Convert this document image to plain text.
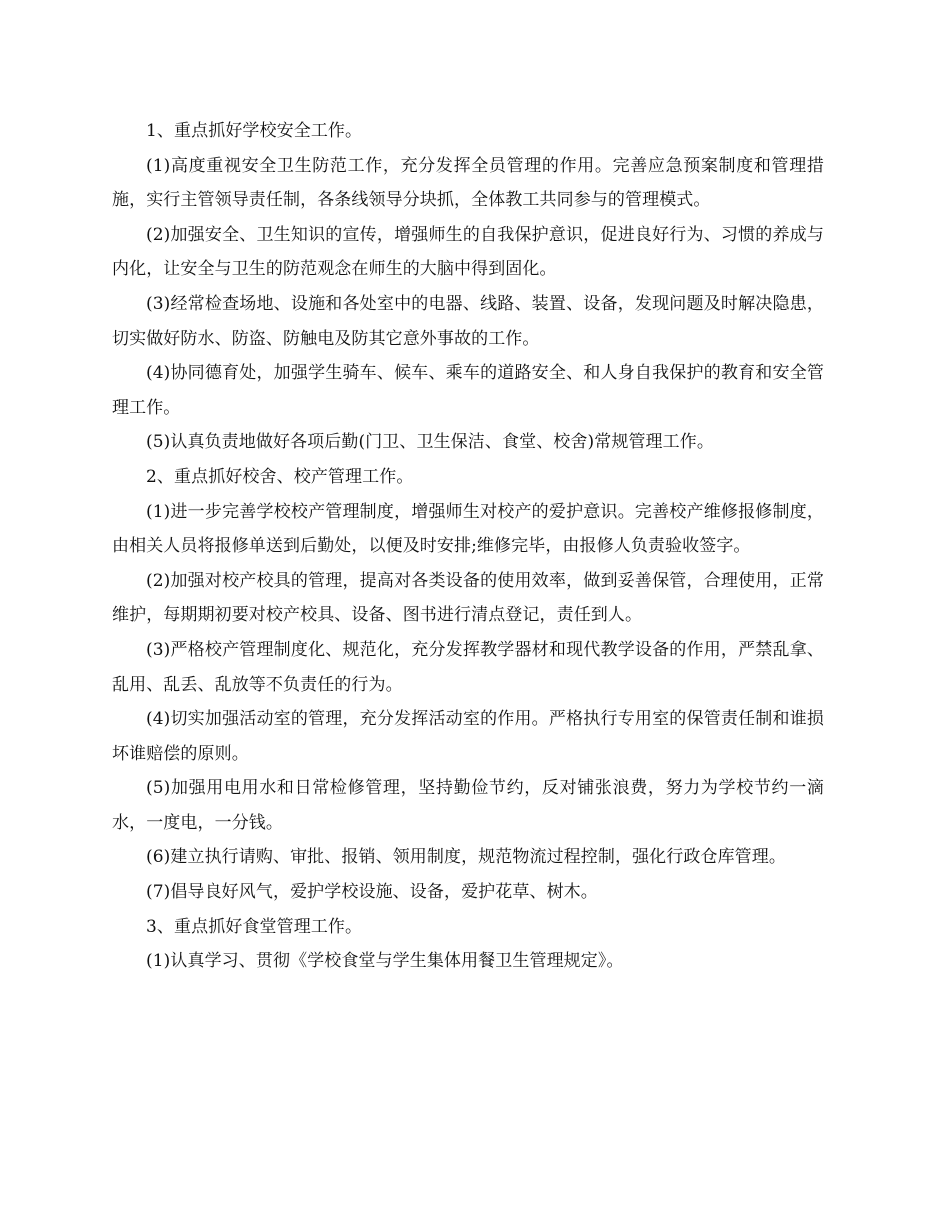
1、重点抓好学校安全工作。

(1)高度重视安全卫生防范工作，充分发挥全员管理的作用。完善应急预案制度和管理措施，实行主管领导责任制，各条线领导分块抓，全体教工共同参与的管理模式。

(2)加强安全、卫生知识的宣传，增强师生的自我保护意识，促进良好行为、习惯的养成与内化，让安全与卫生的防范观念在师生的大脑中得到固化。

(3)经常检查场地、设施和各处室中的电器、线路、装置、设备，发现问题及时解决隐患，切实做好防水、防盗、防触电及防其它意外事故的工作。

(4)协同德育处，加强学生骑车、候车、乘车的道路安全、和人身自我保护的教育和安全管理工作。

(5)认真负责地做好各项后勤(门卫、卫生保洁、食堂、校舍)常规管理工作。

2、重点抓好校舍、校产管理工作。

(1)进一步完善学校校产管理制度，增强师生对校产的爱护意识。完善校产维修报修制度，由相关人员将报修单送到后勤处，以便及时安排;维修完毕，由报修人负责验收签字。

(2)加强对校产校具的管理，提高对各类设备的使用效率，做到妥善保管，合理使用，正常维护，每期期初要对校产校具、设备、图书进行清点登记，责任到人。

(3)严格校产管理制度化、规范化，充分发挥教学器材和现代教学设备的作用，严禁乱拿、乱用、乱丢、乱放等不负责任的行为。

(4)切实加强活动室的管理，充分发挥活动室的作用。严格执行专用室的保管责任制和谁损坏谁赔偿的原则。

(5)加强用电用水和日常检修管理，坚持勤俭节约，反对铺张浪费，努力为学校节约一滴水，一度电，一分钱。

(6)建立执行请购、审批、报销、领用制度，规范物流过程控制，强化行政仓库管理。

(7)倡导良好风气，爱护学校设施、设备，爱护花草、树木。

3、重点抓好食堂管理工作。

(1)认真学习、贯彻《学校食堂与学生集体用餐卫生管理规定》。
